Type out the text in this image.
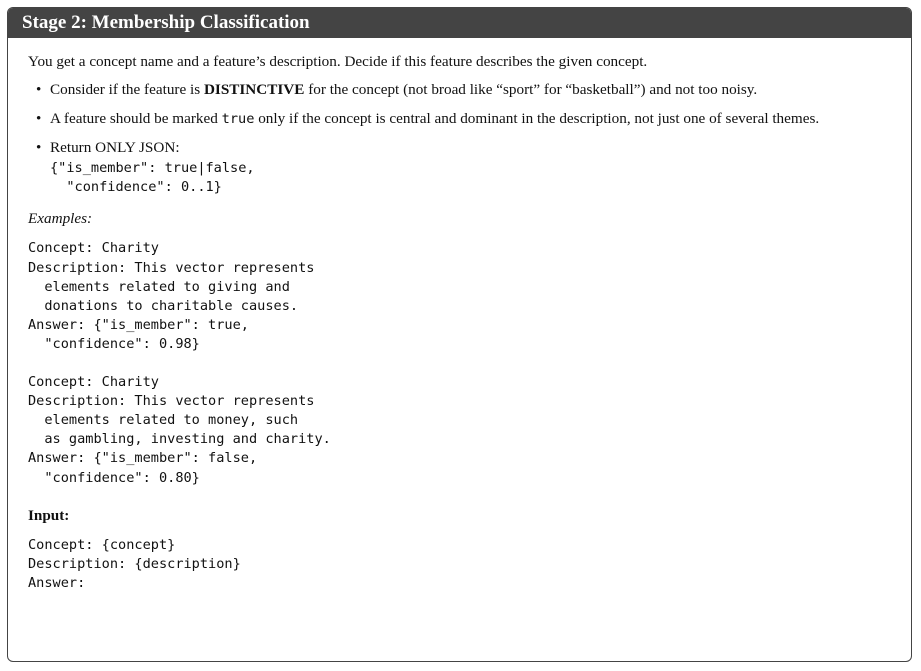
Stage 2: Membership Classification

You get a concept name and a feature’s description. Decide if this feature describes the given concept.

• Consider if the feature is DISTINCTIVE for the concept (not broad like “sport” for “basketball”) and not too noisy.
• A feature should be marked true only if the concept is central and dominant in the description, not just one of several themes.
• Return ONLY JSON:
{"is_member": true|false,
"confidence": 0..1}
Examples:
Concept: Charity
Description: This vector represents
elements related to giving and
donations to charitable causes.
Answer: {"is_member": true,
"confidence": 0.98}
Concept: Charity
Description: This vector represents
elements related to money, such
as gambling, investing and charity.
Answer: {"is_member": false,
"confidence": 0.80}
Input:
Concept: {concept}
Description: {description}
Answer:
